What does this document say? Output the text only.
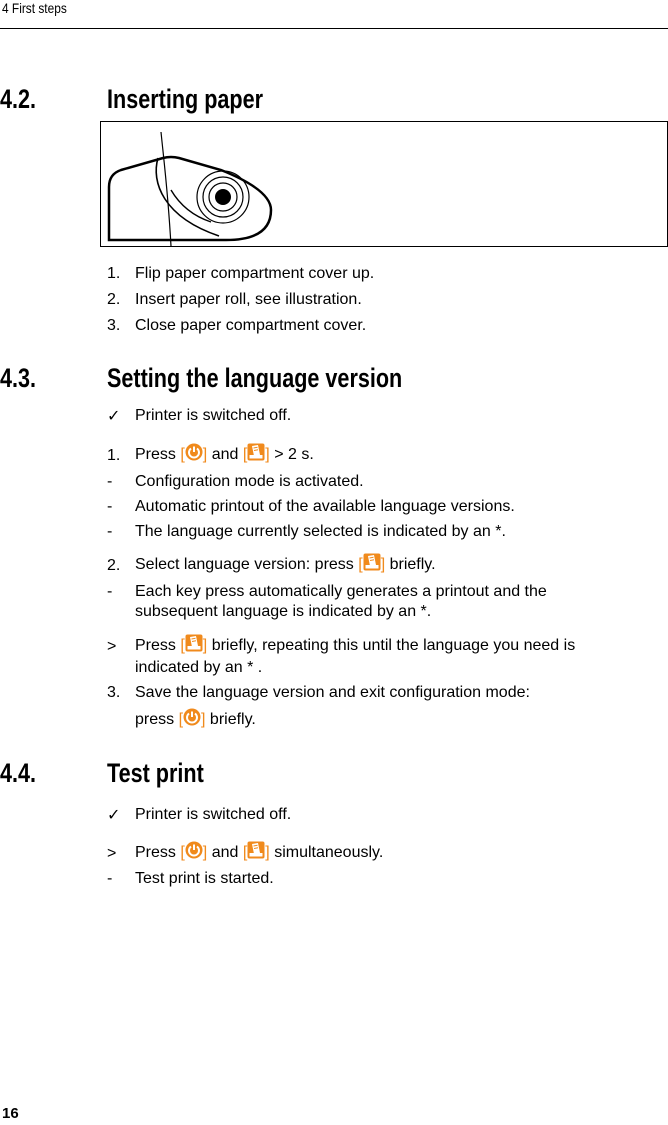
4 First steps
4.2.	Inserting paper
1. Flip paper compartment cover up.
2. Insert paper roll, see illustration.
3. Close paper compartment cover.
4.3.	Setting the language version
✓ Printer is switched off.
1. Press [ ] and [ ] > 2 s.
- Configuration mode is activated.
- Automatic printout of the available language versions.
- The language currently selected is indicated by an *.
2. Select language version: press [ ] briefly.
- Each key press automatically generates a printout and the
subsequent language is indicated by an *.
> Press [ ] briefly, repeating this until the language you need is
indicated by an * .
3. Save the language version and exit configuration mode:
press [ ] briefly.
4.4.	Test print
✓ Printer is switched off.
> Press [ ] and [ ] simultaneously.
- Test print is started.
16
